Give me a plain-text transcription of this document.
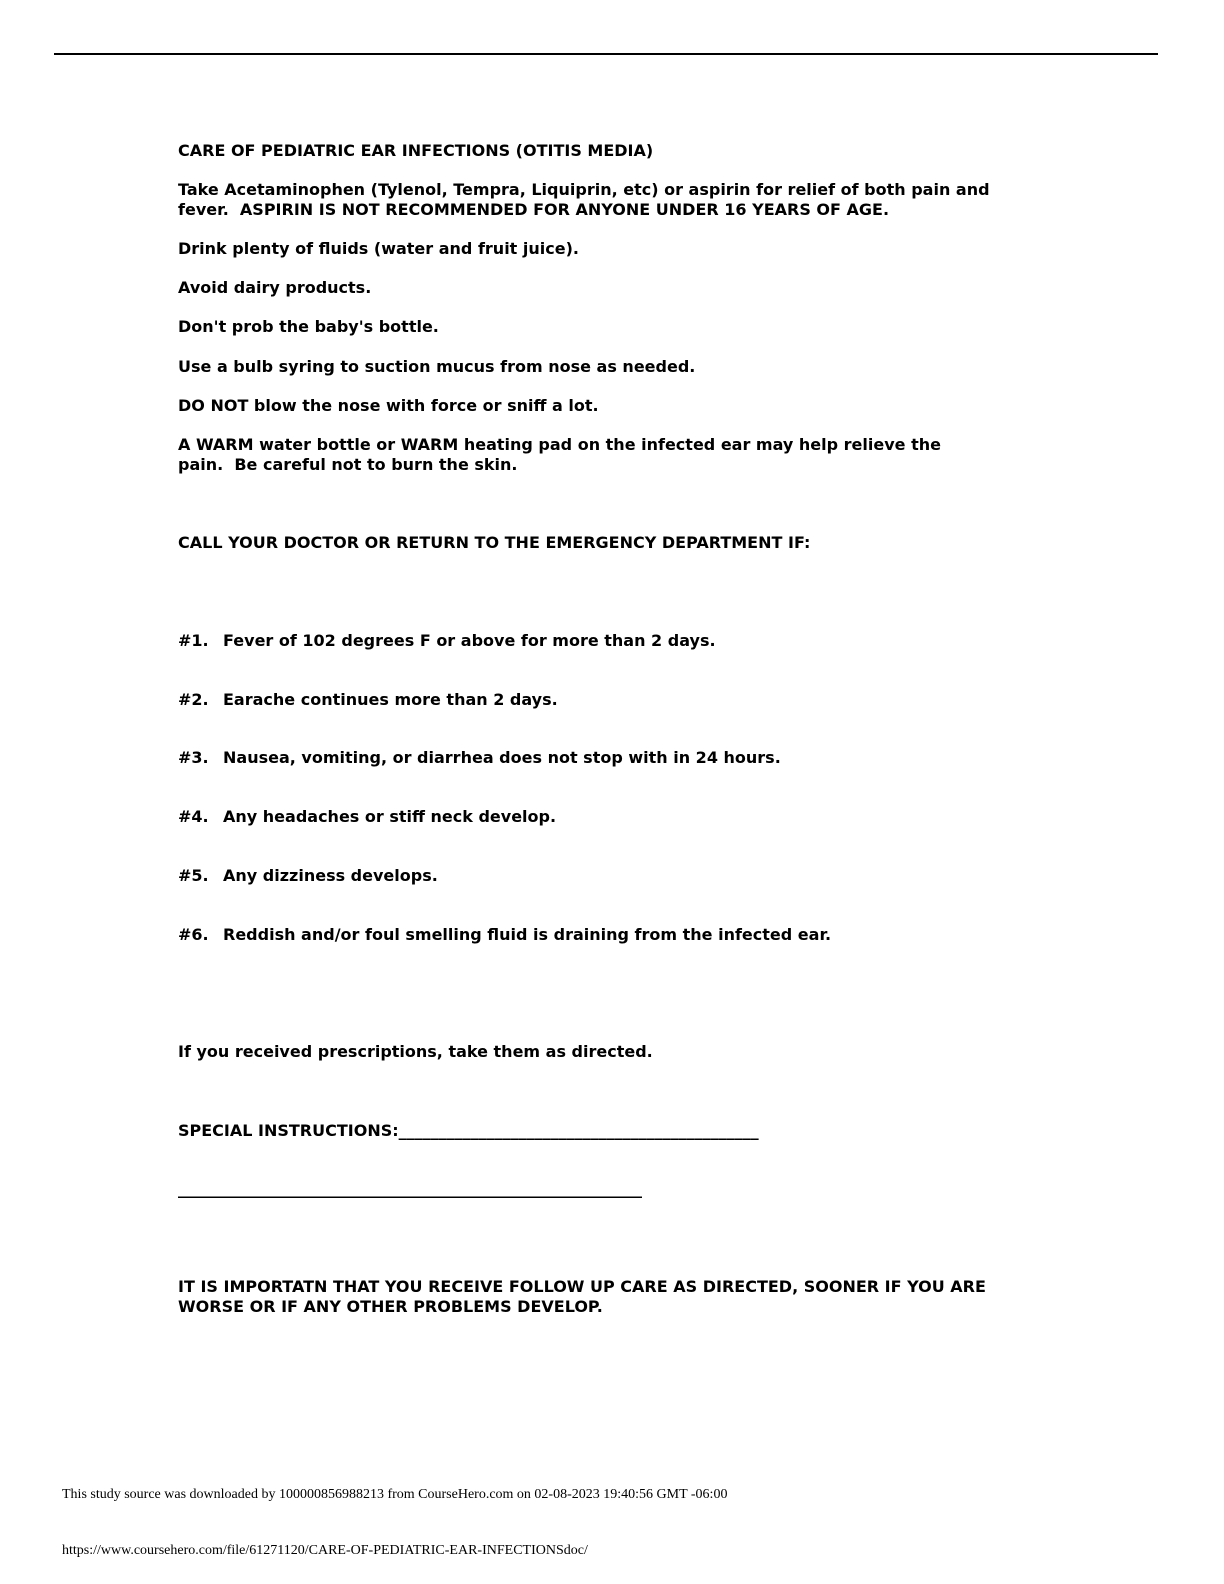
CARE OF PEDIATRIC EAR INFECTIONS (OTITIS MEDIA)

Take Acetaminophen (Tylenol, Tempra, Liquiprin, etc) or aspirin for relief of both pain and
fever.  ASPIRIN IS NOT RECOMMENDED FOR ANYONE UNDER 16 YEARS OF AGE.

Drink plenty of fluids (water and fruit juice).

Avoid dairy products.

Don't prob the baby's bottle.

Use a bulb syring to suction mucus from nose as needed.

DO NOT blow the nose with force or sniff a lot.

A WARM water bottle or WARM heating pad on the infected ear may help relieve the
pain.  Be careful not to burn the skin.

CALL YOUR DOCTOR OR RETURN TO THE EMERGENCY DEPARTMENT IF:

#1. Fever of 102 degrees F or above for more than 2 days.

#2. Earache continues more than 2 days.

#3. Nausea, vomiting, or diarrhea does not stop with in 24 hours.

#4. Any headaches or stiff neck develop.

#5. Any dizziness develops.

#6. Reddish and/or foul smelling fluid is draining from the infected ear.

If you received prescriptions, take them as directed.

SPECIAL INSTRUCTIONS:_____________________________________________

__________________________________________________________

IT IS IMPORTATN THAT YOU RECEIVE FOLLOW UP CARE AS DIRECTED, SOONER IF YOU ARE
WORSE OR IF ANY OTHER PROBLEMS DEVELOP.

This study source was downloaded by 100000856988213 from CourseHero.com on 02-08-2023 19:40:56 GMT -06:00
https://www.coursehero.com/file/61271120/CARE-OF-PEDIATRIC-EAR-INFECTIONSdoc/
